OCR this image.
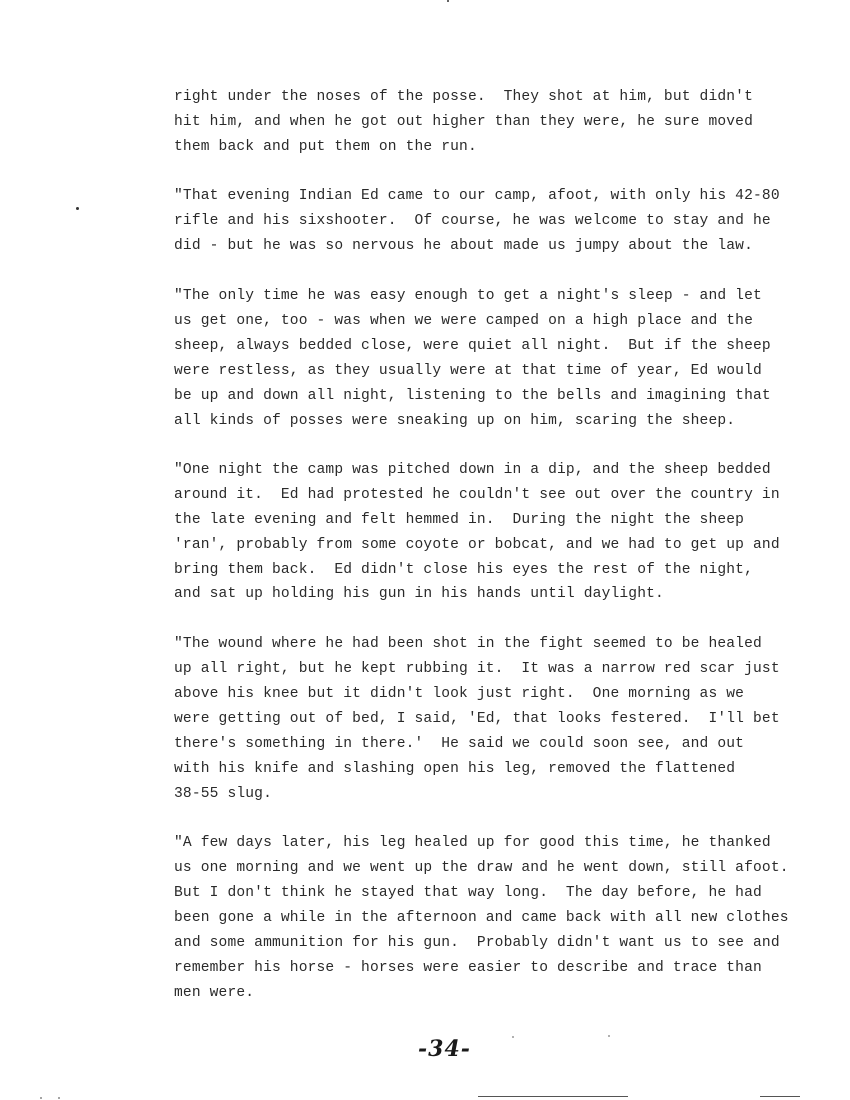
right under the noses of the posse.  They shot at him, but didn't
hit him, and when he got out higher than they were, he sure moved
them back and put them on the run.
"That evening Indian Ed came to our camp, afoot, with only his 42-80
rifle and his sixshooter.  Of course, he was welcome to stay and he
did - but he was so nervous he about made us jumpy about the law.
"The only time he was easy enough to get a night's sleep - and let
us get one, too - was when we were camped on a high place and the
sheep, always bedded close, were quiet all night.  But if the sheep
were restless, as they usually were at that time of year, Ed would
be up and down all night, listening to the bells and imagining that
all kinds of posses were sneaking up on him, scaring the sheep.
"One night the camp was pitched down in a dip, and the sheep bedded
around it.  Ed had protested he couldn't see out over the country in
the late evening and felt hemmed in.  During the night the sheep
'ran', probably from some coyote or bobcat, and we had to get up and
bring them back.  Ed didn't close his eyes the rest of the night,
and sat up holding his gun in his hands until daylight.
"The wound where he had been shot in the fight seemed to be healed
up all right, but he kept rubbing it.  It was a narrow red scar just
above his knee but it didn't look just right.  One morning as we
were getting out of bed, I said, 'Ed, that looks festered.  I'll bet
there's something in there.'  He said we could soon see, and out
with his knife and slashing open his leg, removed the flattened
38-55 slug.
"A few days later, his leg healed up for good this time, he thanked
us one morning and we went up the draw and he went down, still afoot.
But I don't think he stayed that way long.  The day before, he had
been gone a while in the afternoon and came back with all new clothes
and some ammunition for his gun.  Probably didn't want us to see and
remember his horse - horses were easier to describe and trace than
men were.
-34-
